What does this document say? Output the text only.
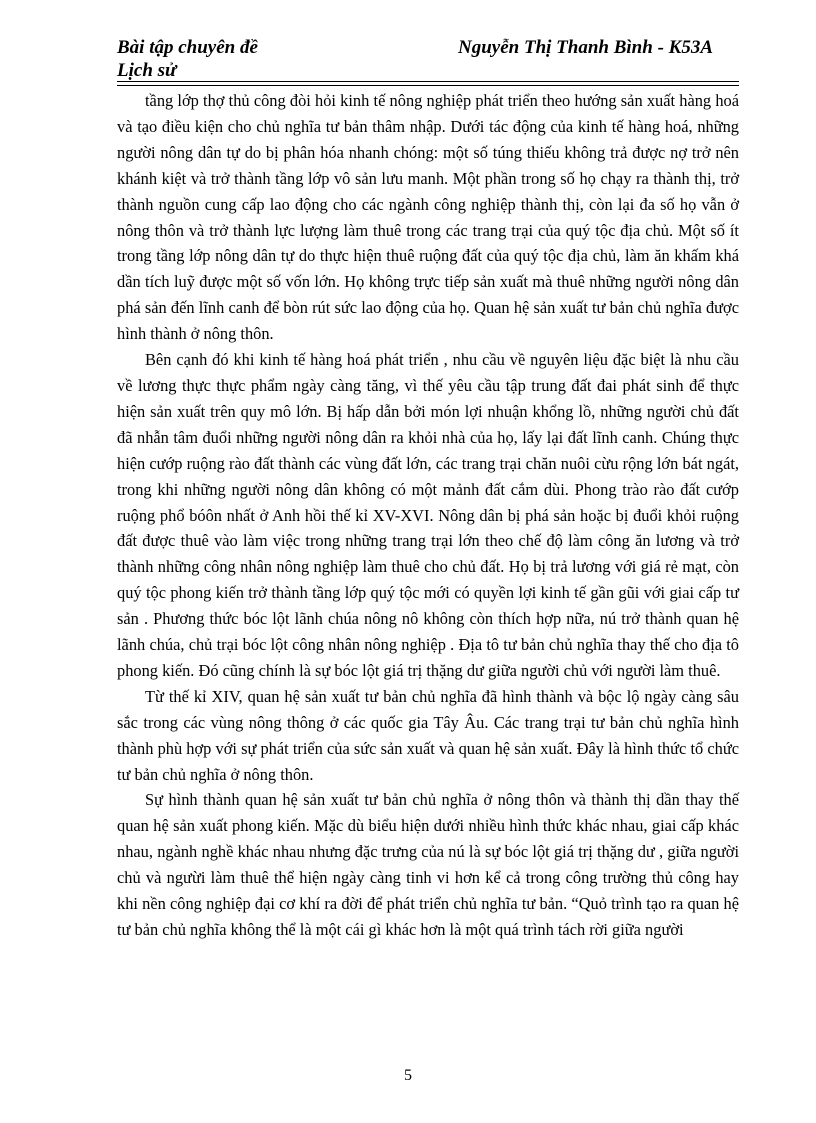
Bài tập chuyên đề
Lịch sử
Nguyễn Thị Thanh Bình - K53A

tầng lớp thợ thủ công đòi hỏi kinh tế nông nghiệp phát triển theo hướng sản xuất hàng hoá và tạo điều kiện cho chủ nghĩa tư bản thâm nhập. Dưới tác động của kinh tế hàng hoá, những người nông dân tự do bị phân hóa nhanh chóng: một số túng thiếu không trả được nợ trở nên khánh kiệt và trở thành tầng lớp vô sản lưu manh. Một phần trong số họ chạy ra thành thị, trở thành nguồn cung cấp lao động cho các ngành công nghiệp thành thị, còn lại đa số họ vẫn ở nông thôn và trở thành lực lượng làm thuê trong các trang trại của quý tộc địa chủ. Một số ít trong tầng lớp nông dân tự do thực hiện thuê ruộng đất của quý tộc địa chủ, làm ăn khấm khá dần tích luỹ được một số vốn lớn. Họ không trực tiếp sản xuất mà thuê những người nông dân phá sản đến lĩnh canh để bòn rút sức lao động của họ. Quan hệ sản xuất tư bản chủ nghĩa được hình thành ở nông thôn.

Bên cạnh đó khi kinh tế hàng hoá phát triển , nhu cầu về nguyên liệu đặc biệt là nhu cầu về lương thực thực phẩm ngày càng tăng, vì thế yêu cầu tập trung đất đai phát sinh để thực hiện sản xuất trên quy mô lớn. Bị hấp dẫn bởi món lợi nhuận khổng lồ, những người chủ đất đã nhẫn tâm đuổi những người nông dân ra khỏi nhà của họ, lấy lại đất lĩnh canh. Chúng thực hiện cướp ruộng rào đất thành các vùng đất lớn, các trang trại chăn nuôi cừu rộng lớn bát ngát, trong khi những người nông dân không có một mảnh đất cắm dùi. Phong trào rào đất cướp ruộng phổ bóôn nhất ở Anh hồi thế kỉ XV-XVI. Nông dân bị phá sản hoặc bị đuổi khỏi ruộng đất được thuê vào làm việc trong những trang trại lớn theo chế độ làm công ăn lương và trở thành những công nhân nông nghiệp làm thuê cho chủ đất. Họ bị trả lương với giá rẻ mạt, còn quý tộc phong kiến trở thành tầng lớp quý tộc mới có quyền lợi kinh tế gần gũi với giai cấp tư sản . Phương thức bóc lột lãnh chúa nông nô không còn thích hợp nữa, nú trở thành quan hệ lãnh chúa, chủ trại bóc lột công nhân nông nghiệp . Địa tô tư bản chủ nghĩa thay thế cho địa tô phong kiến. Đó cũng chính là sự bóc lột giá trị thặng dư giữa người chủ với người làm thuê.

Từ thế kỉ XIV, quan hệ sản xuất tư bản chủ nghĩa đã hình thành và bộc lộ ngày càng sâu sắc trong các vùng nông thông ở các quốc gia Tây Âu. Các trang trại tư bản chủ nghĩa hình thành phù hợp với sự phát triển của sức sản xuất và quan hệ sản xuất. Đây là hình thức tổ chức tư bản chủ nghĩa ở nông thôn.

Sự hình thành quan hệ sản xuất tư bản chủ nghĩa ở nông thôn và thành thị dần thay thế quan hệ sản xuất phong kiến. Mặc dù biểu hiện dưới nhiều hình thức khác nhau, giai cấp khác nhau, ngành nghề khác nhau nhưng đặc trưng của nú là sự bóc lột giá trị thặng dư , giữa người chủ và ngưừi làm thuê thể hiện ngày càng tinh vi hơn kể cả trong công trường thủ công hay khi nền công nghiệp đại cơ khí ra đời để phát triển chủ nghĩa tư bản. “Quỏ trình tạo ra quan hệ tư bản chủ nghĩa không thể là một cái gì khác hơn là một quá trình tách rời giữa người

5
